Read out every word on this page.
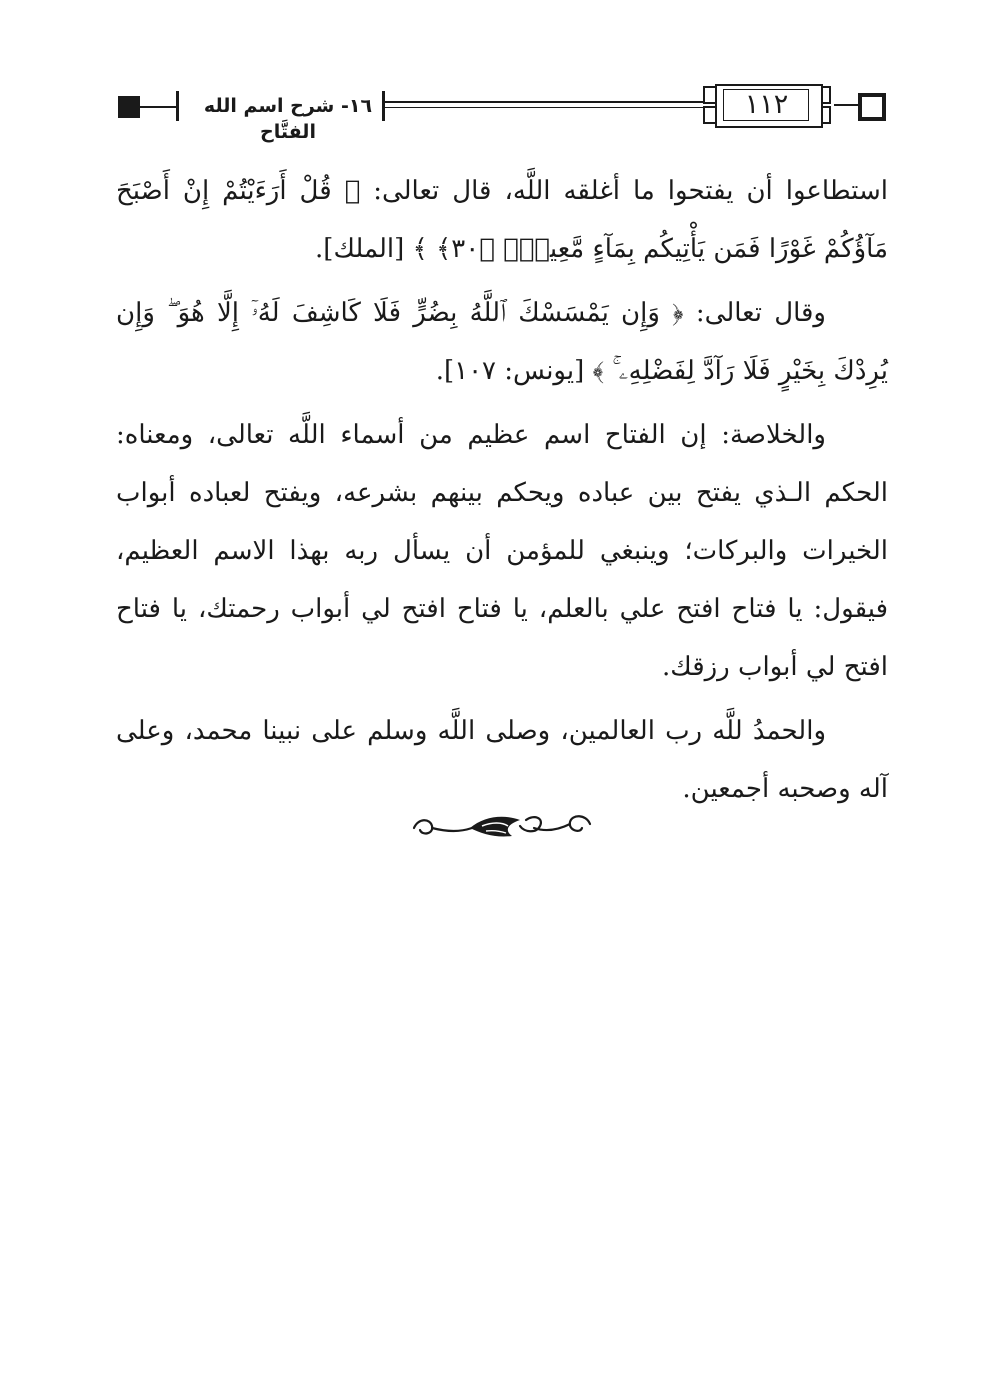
١٦- شرح اسم الله الفتَّاح
١١٢

استطاعوا أن يفتحوا ما أغلقه اللَّه، قال تعالى: ﴿ قُلْ أَرَءَيْتُمْ إِنْ أَصْبَحَ مَآؤُكُمْ غَوْرًا فَمَن يَأْتِيكُم بِمَآءٍ مَّعِينِۭ ﴿٣٠﴾ ﴾ [الملك].

وقال تعالى: ﴿ وَإِن يَمْسَسْكَ ٱللَّهُ بِضُرٍّ فَلَا كَاشِفَ لَهُۥٓ إِلَّا هُوَ ۖ وَإِن يُرِدْكَ بِخَيْرٍ فَلَا رَآدَّ لِفَضْلِهِۦ ۚ ﴾ [يونس: ١٠٧].

والخلاصة: إن الفتاح اسم عظيم من أسماء اللَّه تعالى، ومعناه: الحكم الـذي يفتح بين عباده ويحكم بينهم بشرعه، ويفتح لعباده أبواب الخيرات والبركات؛ وينبغي للمؤمن أن يسأل ربه بهذا الاسم العظيم، فيقول: يا فتاح افتح علي بالعلم، يا فتاح افتح لي أبواب رحمتك، يا فتاح افتح لي أبواب رزقك.

والحمدُ للَّه رب العالمين، وصلى اللَّه وسلم على نبينا محمد، وعلى آله وصحبه أجمعين.
